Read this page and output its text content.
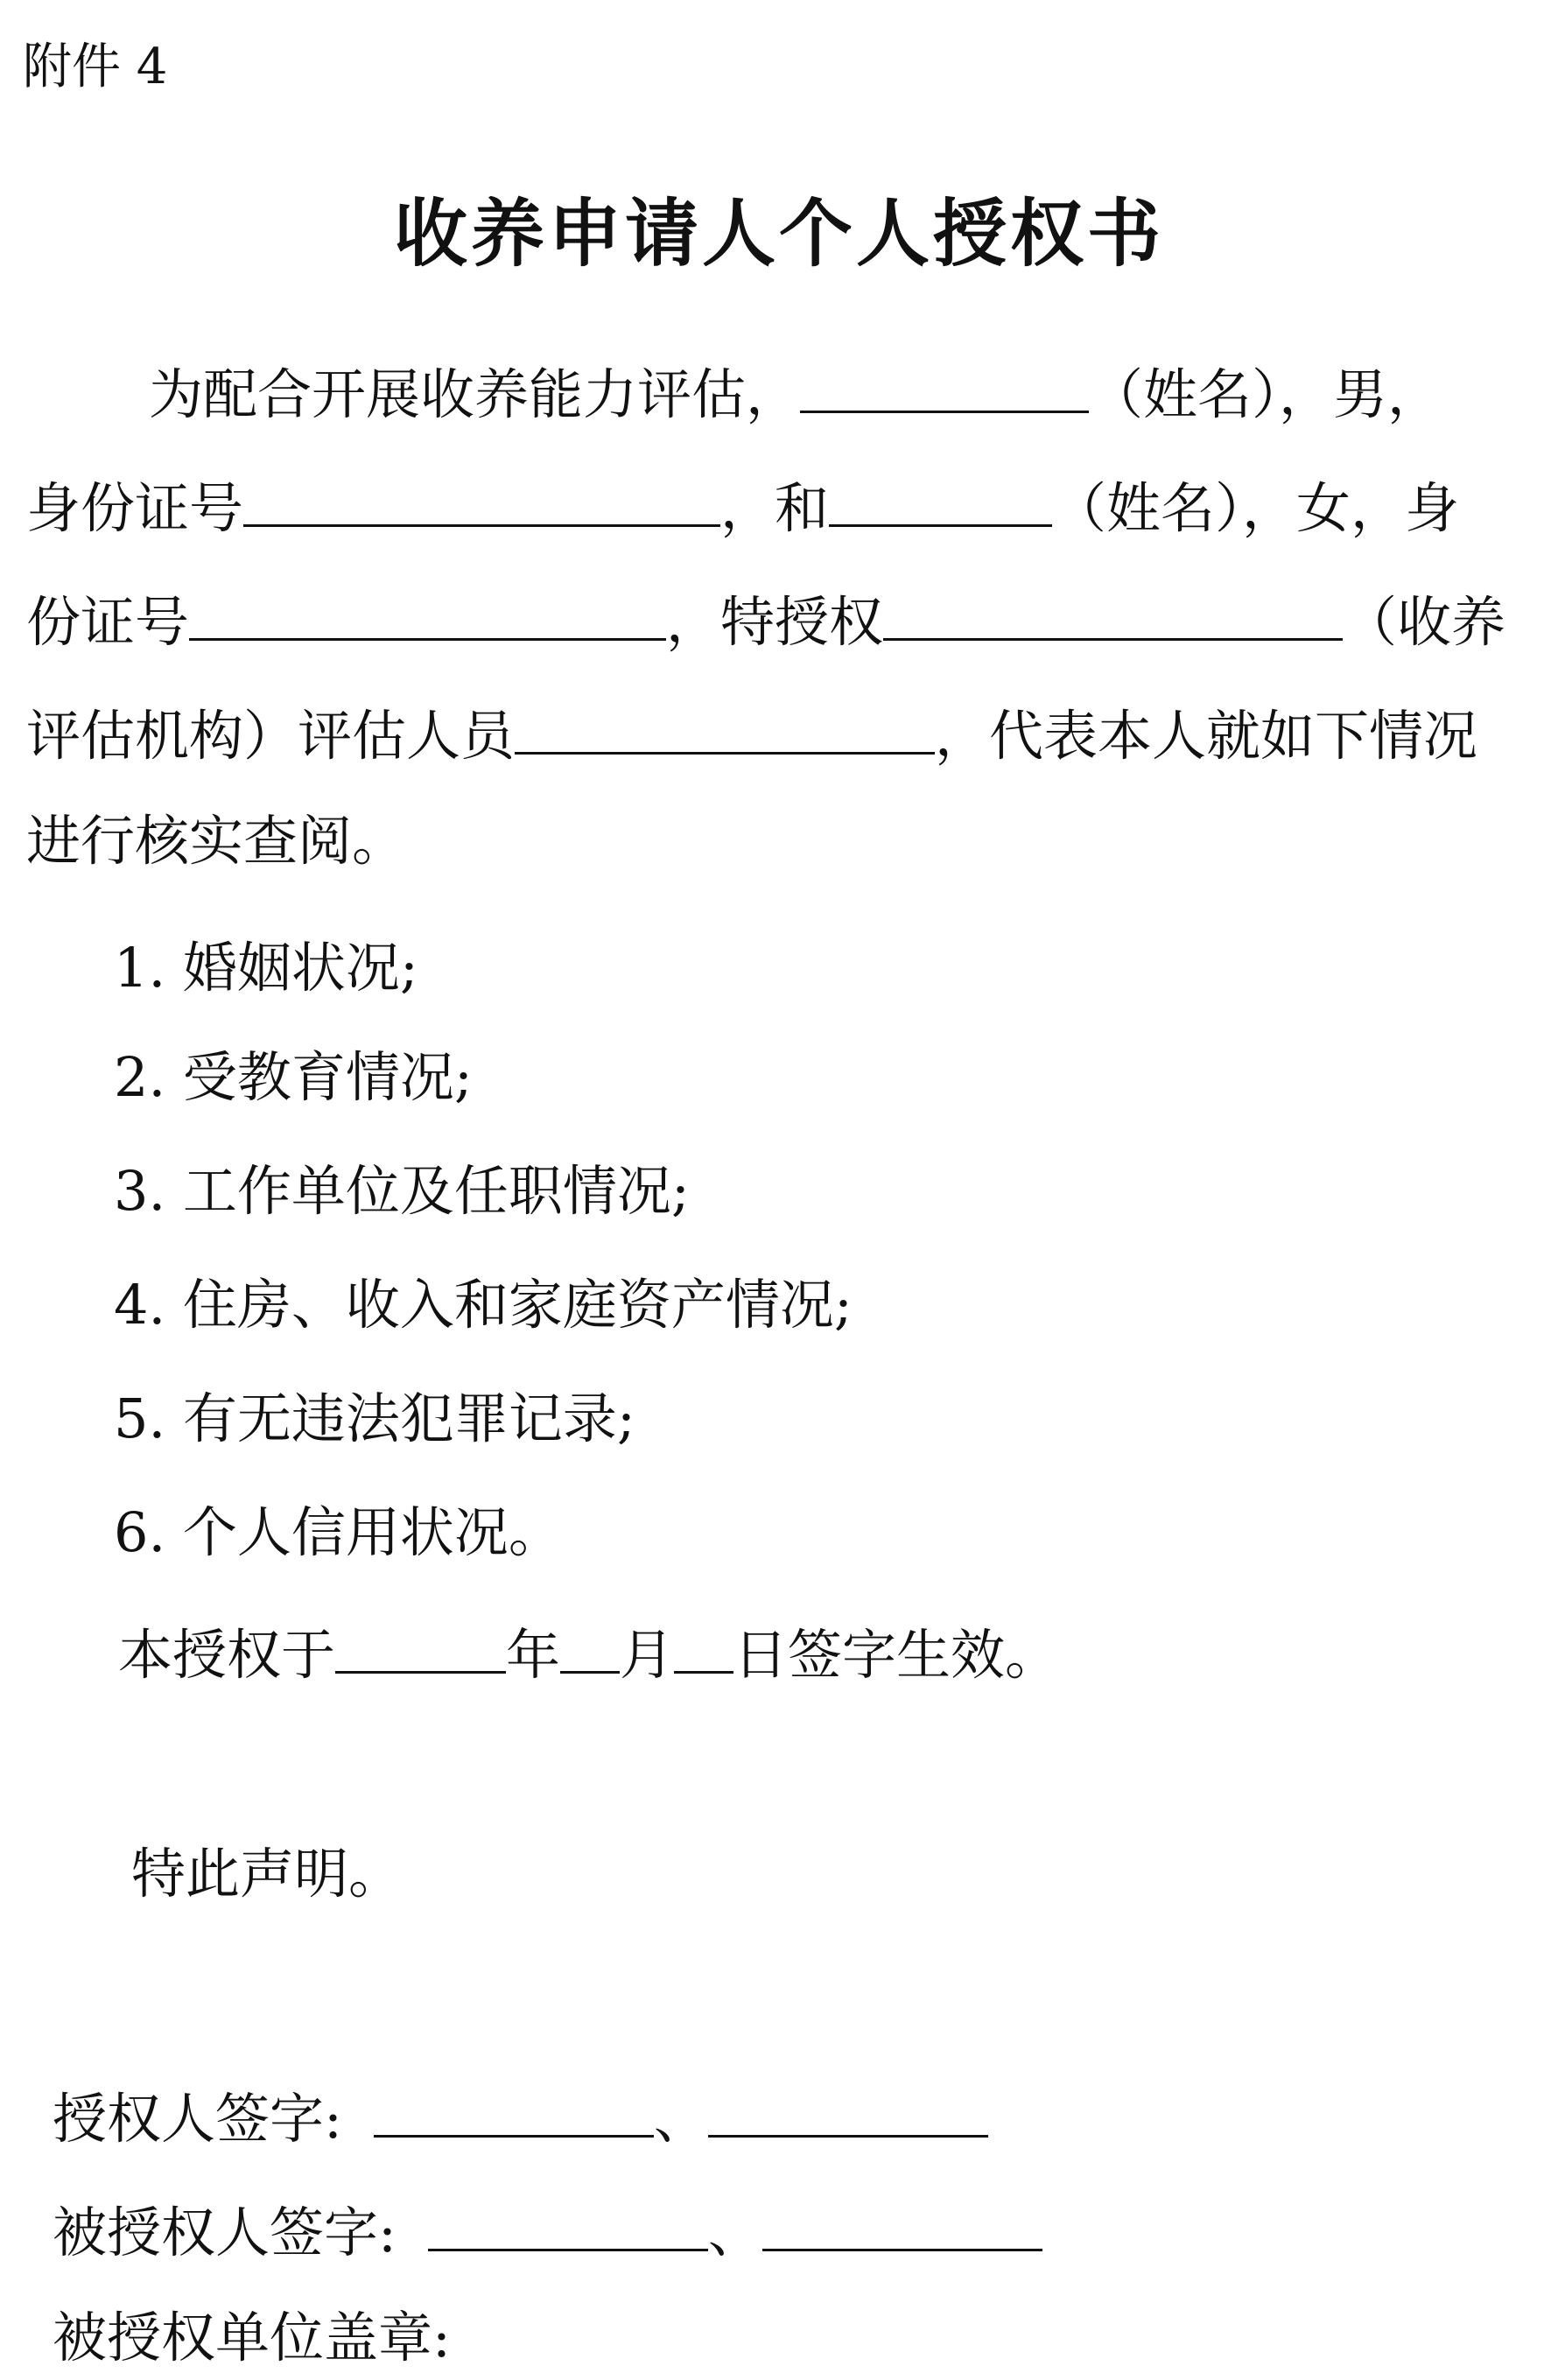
附件 4
收养申请人个人授权书
为配合开展收养能力评估，	（姓名），男，
身份证号	，和	（姓名），女，身
份证号	，特授权	（收养
评估机构）评估人员	，代表本人就如下情况
进行核实查阅。
1. 婚姻状况;
2. 受教育情况;
3. 工作单位及任职情况;
4. 住房、收入和家庭资产情况;
5. 有无违法犯罪记录;
6. 个人信用状况。
本授权于	年 月 日签字生效。
特此声明。
授权人签字:	、
被授权人签字:	、
被授权单位盖章:
